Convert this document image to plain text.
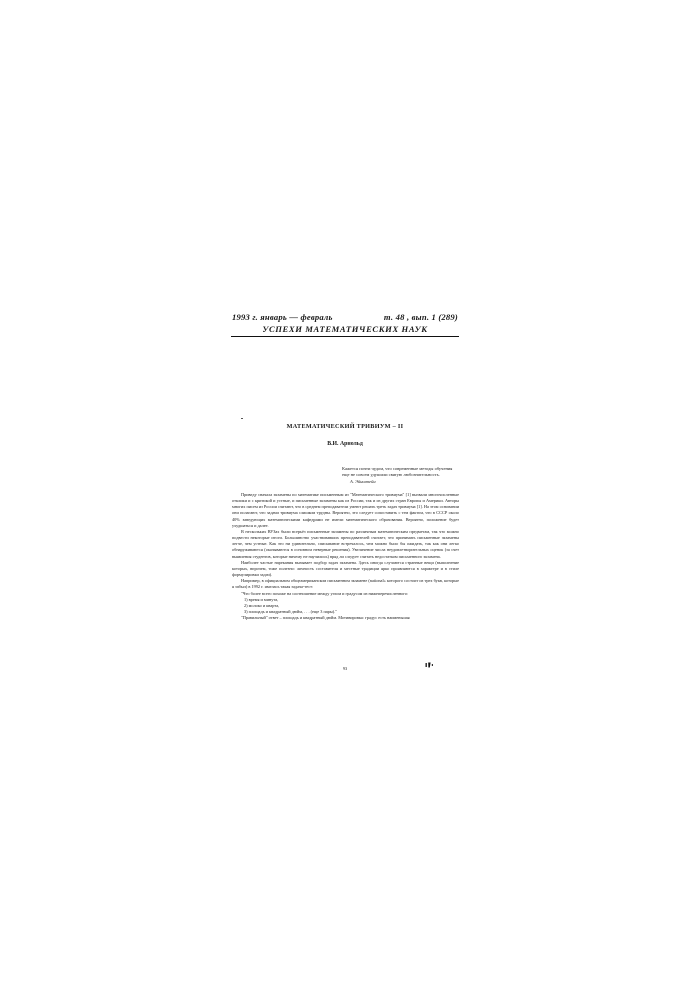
1993 г. январь — февраль	т. 48 , вып. 1 (289)
УСПЕХИ МАТЕМАТИЧЕСКИХ НАУК
МАТЕМАТИЧЕСКИЙ ТРИВИУМ – II
В.И. Арнольд
Кажется почти чудом, что современные методы обучения еще не совсем удушили святую любознательность.
А. Эйнштейн

Приведу сначала экзамены по математике письменным из "Математического тривиума" [1] вызвали многочисленные отклики и с критикой и устные, и письменные экзамены как из России, так и из других стран Европы и Америки. Авторы многих писем из России считают, что в среднем преподаватели умеют решать треть задач тривиума [1]. На этом основании они полагают, что задачи тривиума слишком трудны. Вероятно, это следует сопоставить с тем фактом, что в СССР около 40% заведующих математическими кафедрами не имели математического образования. Вероятно, положение будет ухудшаться и далее.

В нескольких ВУЗах были всерьёз письменные экзамены по различным математическим предметам, так что можно подвести некоторые итоги. Большинство участвовавших преподавателей считает, что принимать письменные экзамены легче, чем устные. Как это ни удивительно, списывание встречалось, чем можно было бы ожидать, так как они легко обнаруживаются (оказываются в основном неверные решения). Увеличение числа неудовлетворительных оценок (за счет выявления студентов, которые ничему не научились) вряд ли следует считать недостатком письменного экзамена.

Наиболее частые нарекания вызывает подбор задач экзамена. Здесь иногда случаются странные вещи (выполнение которых, впрочем, тоже полезно: личность составителя и местные традиции ярко проявляются в характере и в стиле формулировки задач).

Например, в официальном общеамериканском письменном экзамене (national» которого состоит из трех букв, которые я забыл) в 1992 г. имелась такая задача-тест:

"Что более всего похоже на соотношение между углом и градусом из нижеперечисленного:

1) время и минута,

2) молоко и кварта,

3) площадь и квадратный дюйм, . . . (еще 3 пары)."

"Правильный" ответ – площадь и квадратный дюйм. Мотивировка: градус есть наименьшая

93
